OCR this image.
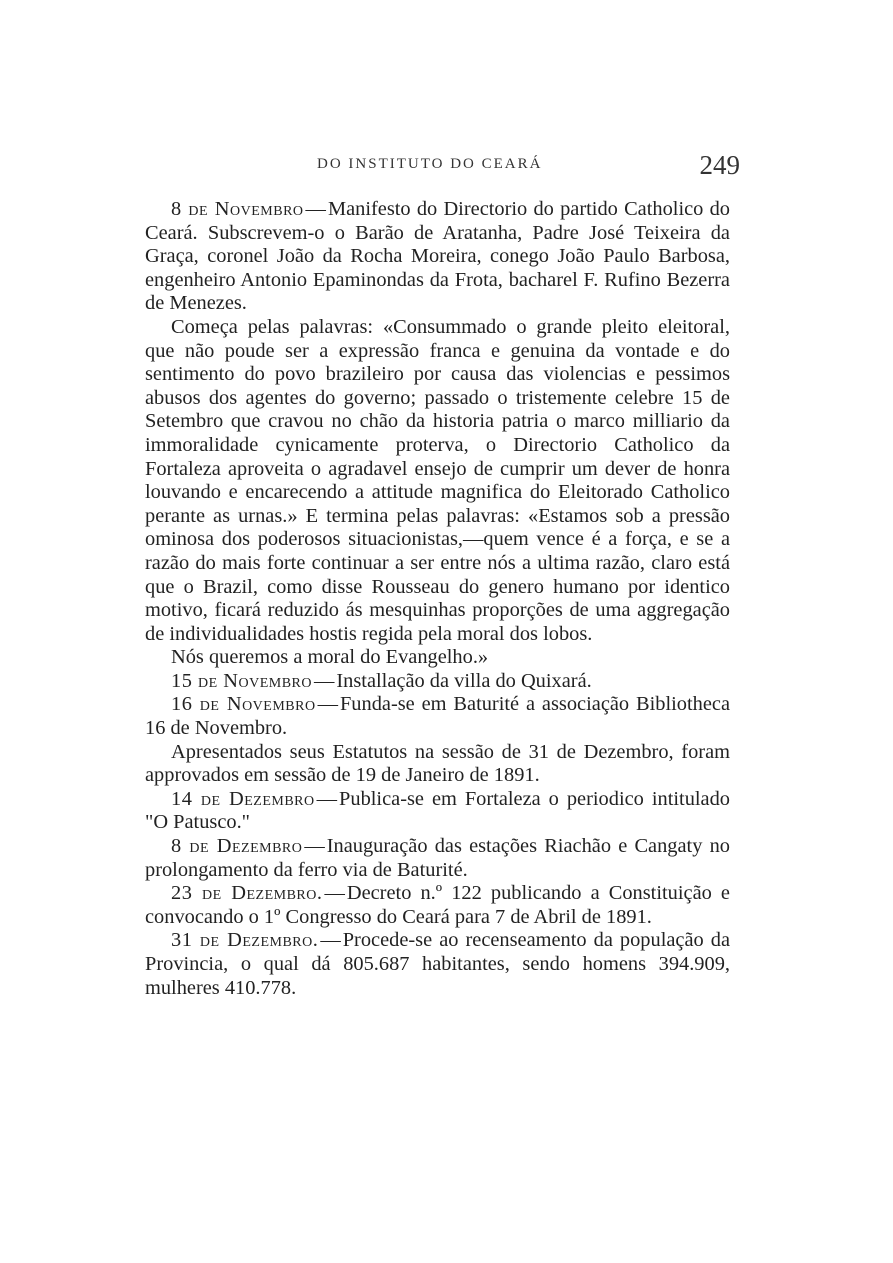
DO INSTITUTO DO CEARÁ	249

8 de Novembro—Manifesto do Directorio do partido Catholico do Ceará. Subscrevem-o o Barão de Aratanha, Padre José Teixeira da Graça, coronel João da Rocha Moreira, conego João Paulo Barbosa, engenheiro Antonio Epaminondas da Frota, bacharel F. Rufino Bezerra de Menezes.

Começa pelas palavras: «Consummado o grande pleito eleitoral, que não poude ser a expressão franca e genuina da vontade e do sentimento do povo brazileiro por causa das violencias e pessimos abusos dos agentes do governo; passado o tristemente celebre 15 de Setembro que cravou no chão da historia patria o marco milliario da immoralidade cynicamente proterva, o Directorio Catholico da Fortaleza aproveita o agradavel ensejo de cumprir um dever de honra louvando e encarecendo a attitude magnifica do Eleitorado Catholico perante as urnas.» E termina pelas palavras: «Estamos sob a pressão ominosa dos poderosos situacionistas,—quem vence é a força, e se a razão do mais forte continuar a ser entre nós a ultima razão, claro está que o Brazil, como disse Rousseau do genero humano por identico motivo, ficará reduzido ás mesquinhas proporções de uma aggregação de individualidades hostis regida pela moral dos lobos.

Nós queremos a moral do Evangelho.»

15 de Novembro—Installação da villa do Quixará.

16 de Novembro—Funda-se em Baturité a associação Bibliotheca 16 de Novembro.

Apresentados seus Estatutos na sessão de 31 de Dezembro, foram approvados em sessão de 19 de Janeiro de 1891.

14 de Dezembro—Publica-se em Fortaleza o periodico intitulado "O Patusco."

8 de Dezembro—Inauguração das estações Riachão e Cangaty no prolongamento da ferro via de Baturité.

23 de Dezembro.—Decreto n.º 122 publicando a Constituição e convocando o 1º Congresso do Ceará para 7 de Abril de 1891.

31 de Dezembro.—Procede-se ao recenseamento da população da Provincia, o qual dá 805.687 habitantes, sendo homens 394.909, mulheres 410.778.
